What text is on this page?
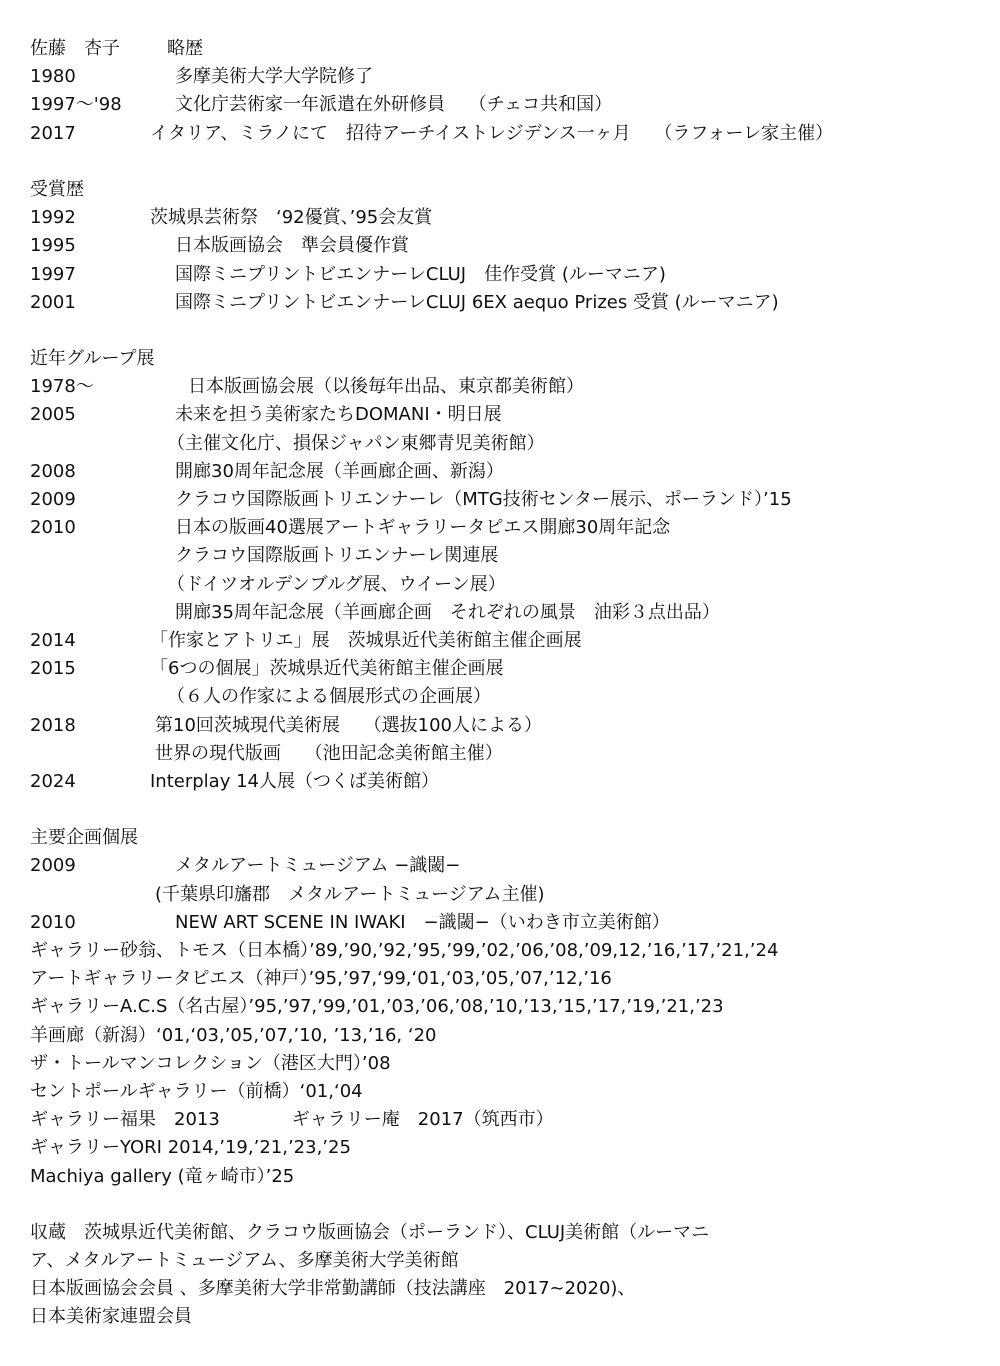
佐藤　杏子	略歴
1980	多摩美術大学大学院修了
1997〜'98	文化庁芸術家一年派遣在外研修員　 （チェコ共和国）
2017	イタリア、ミラノにて　招待アーチイストレジデンス一ヶ月　 （ラフォーレ家主催）
受賞歴
1992	茨城県芸術祭　‘92優賞、’95会友賞
1995	日本版画協会　準会員優作賞
1997	国際ミニプリントビエンナーレCLUJ　佳作受賞 (ルーマニア)
2001	国際ミニプリントビエンナーレCLUJ 6EX aequo Prizes 受賞 (ルーマニア)
近年グループ展
1978〜	日本版画協会展（以後毎年出品、東京都美術館）
2005	未来を担う美術家たちDOMANI・明日展
（主催文化庁、損保ジャパン東郷青児美術館）
2008	開廊30周年記念展（羊画廊企画、新潟）
2009	クラコウ国際版画トリエンナーレ（MTG技術センター展示、ポーランド）’15
2010	日本の版画40選展アートギャラリータピエス開廊30周年記念
クラコウ国際版画トリエンナーレ関連展
（ドイツオルデンブルグ展、ウイーン展）
開廊35周年記念展（羊画廊企画　それぞれの風景　油彩３点出品）
2014	「作家とアトリエ」展　茨城県近代美術館主催企画展
2015	「6つの個展」茨城県近代美術館主催企画展
（６人の作家による個展形式の企画展）
2018	第10回茨城現代美術展　 （選抜100人による）
世界の現代版画　 （池田記念美術館主催）
2024	Interplay 14人展（つくば美術館）
主要企画個展
2009	メタルアートミュージアム −識閾−
(千葉県印旛郡　メタルアートミュージアム主催)
2010	NEW ART SCENE IN IWAKI　−識閾−（いわき市立美術館）
ギャラリー砂翁、トモス（日本橋）’89,’90,’92,’95,’99,’02,’06,’08,’09,12,’16,’17,’21,’24
アートギャラリータピエス（神戸）’95,’97,‘99,‘01,‘03,’05,’07,’12,’16
ギャラリーA.C.S（名古屋）’95,’97,’99,’01,’03,’06,’08,’10,’13,’15,’17,’19,’21,’23
羊画廊（新潟）‘01,‘03,’05,’07,’10, ’13,’16, ‘20
ザ・トールマンコレクション（港区大門）’08
セントポールギャラリー（前橋）‘01,‘04
ギャラリー福果　2013　　　　ギャラリー庵　2017（筑西市）
ギャラリーYORI 2014,’19,’21,’23,’25
Machiya gallery (竜ヶ崎市）’25
収蔵　茨城県近代美術館、クラコウ版画協会（ポーランド）、CLUJ美術館（ルーマニ
ア、メタルアートミュージアム、多摩美術大学美術館
日本版画協会会員 、多摩美術大学非常勤講師（技法講座　2017~2020)、
日本美術家連盟会員
